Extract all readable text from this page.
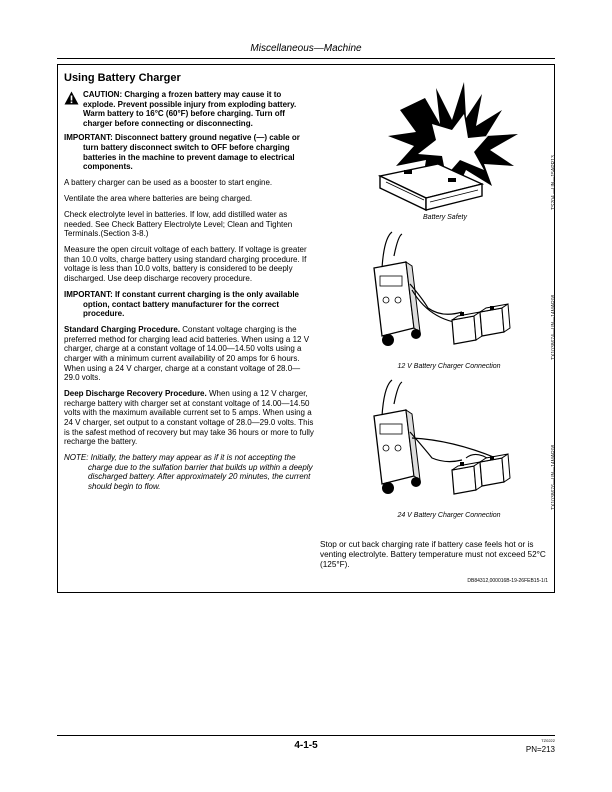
Miscellaneous—Machine
Using Battery Charger
CAUTION: Charging a frozen battery may cause it to explode. Prevent possible injury from exploding battery. Warm battery to 16°C (60°F) before charging. Turn off charger before connecting or disconnecting.

IMPORTANT: Disconnect battery ground negative (—) cable or turn battery disconnect switch to OFF before charging batteries in the machine to prevent damage to electrical components.

A battery charger can be used as a booster to start engine.

Ventilate the area where batteries are being charged.

Check electrolyte level in batteries. If low, add distilled water as needed. See Check Battery Electrolyte Level; Clean and Tighten Terminals.(Section 3-8.)

Measure the open circuit voltage of each battery. If voltage is greater than 10.0 volts, charge battery using standard charging procedure. If voltage is less than 10.0 volts, battery is considered to be deeply discharged. Use deep discharge recovery procedure.

IMPORTANT: If constant current charging is the only available option, contact battery manufacturer for the correct procedure.

Standard Charging Procedure. Constant voltage charging is the preferred method for charging lead acid batteries. When using a 12 V charger, charge at a constant voltage of 14.00—14.50 volts using a charger with a minimum current availability of 20 amps for 6 hours. When using a 24 V charger, charge at a constant voltage of 28.0—29.0 volts.

Deep Discharge Recovery Procedure. When using a 12 V charger, recharge battery with charger set at constant voltage of 14.00—14.50 volts with the maximum available current set to 5 amps. When using a 24 V charger, set output to a constant voltage of 28.0—29.0 volts. This is the safest method of recovery but may take 36 hours or more to fully recharge the battery.

NOTE: Initially, the battery may appear as if it is not accepting the charge due to the sulfation barrier that builds up within a deeply discharged battery. After approximately 20 minutes, the current should begin to flow.

Battery Safety
TS204 —UN—15APR13
12 V Battery Charger Connection
TX1038674—UN—14MAR08
24 V Battery Charger Connection
TX1038676—UN—14MAR08
Stop or cut back charging rate if battery case feels hot or is venting electrolyte. Battery temperature must not exceed 52°C (125°F).
DB84312,000016B-19-26FEB15-1/1
4-1-5	TZ0222
PN=213
